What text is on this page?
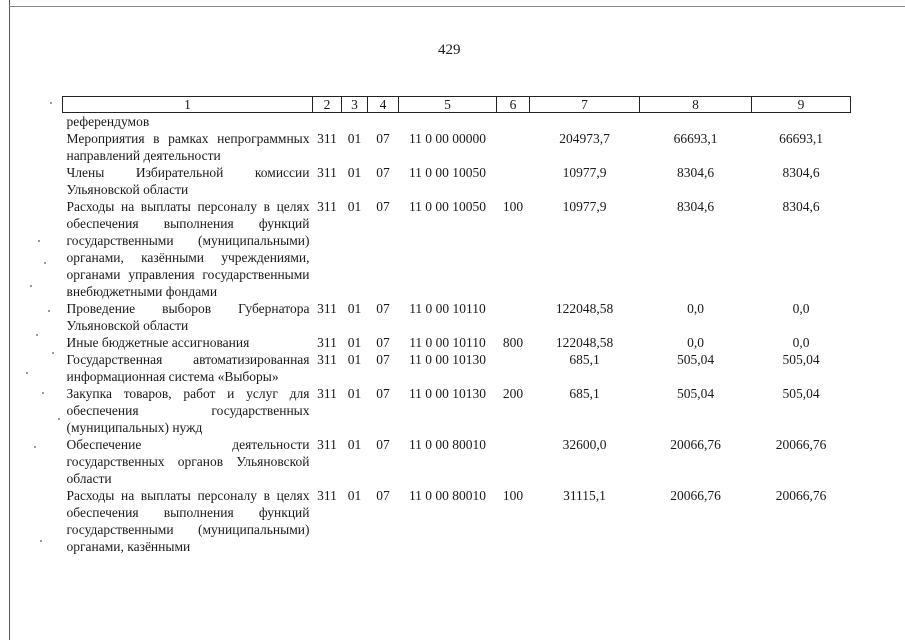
429
1	2	3	4	5	6	7	8	9
референдумов								
Мероприятия в рамках непрограммных направлений деятельности	311	01	07	11 0 00 00000		204973,7	66693,1	66693,1
Члены Избирательной комиссии Ульяновской области	311	01	07	11 0 00 10050		10977,9	8304,6	8304,6
Расходы на выплаты персоналу в целях обеспечения выполнения функций государственными (муниципальными) органами, казёнными учреждениями, органами управления государственными внебюджетными фондами	311	01	07	11 0 00 10050	100	10977,9	8304,6	8304,6
Проведение выборов Губернатора Ульяновской области	311	01	07	11 0 00 10110		122048,58	0,0	0,0
Иные бюджетные ассигнования	311	01	07	11 0 00 10110	800	122048,58	0,0	0,0
Государственная автоматизированная информационная система «Выборы»	311	01	07	11 0 00 10130		685,1	505,04	505,04
Закупка товаров, работ и услуг для обеспечения государственных (муниципальных) нужд	311	01	07	11 0 00 10130	200	685,1	505,04	505,04
Обеспечение деятельности государственных органов Ульяновской области	311	01	07	11 0 00 80010		32600,0	20066,76	20066,76
Расходы на выплаты персоналу в целях обеспечения выполнения функций государственными (муниципальными) органами, казёнными	311	01	07	11 0 00 80010	100	31115,1	20066,76	20066,76
